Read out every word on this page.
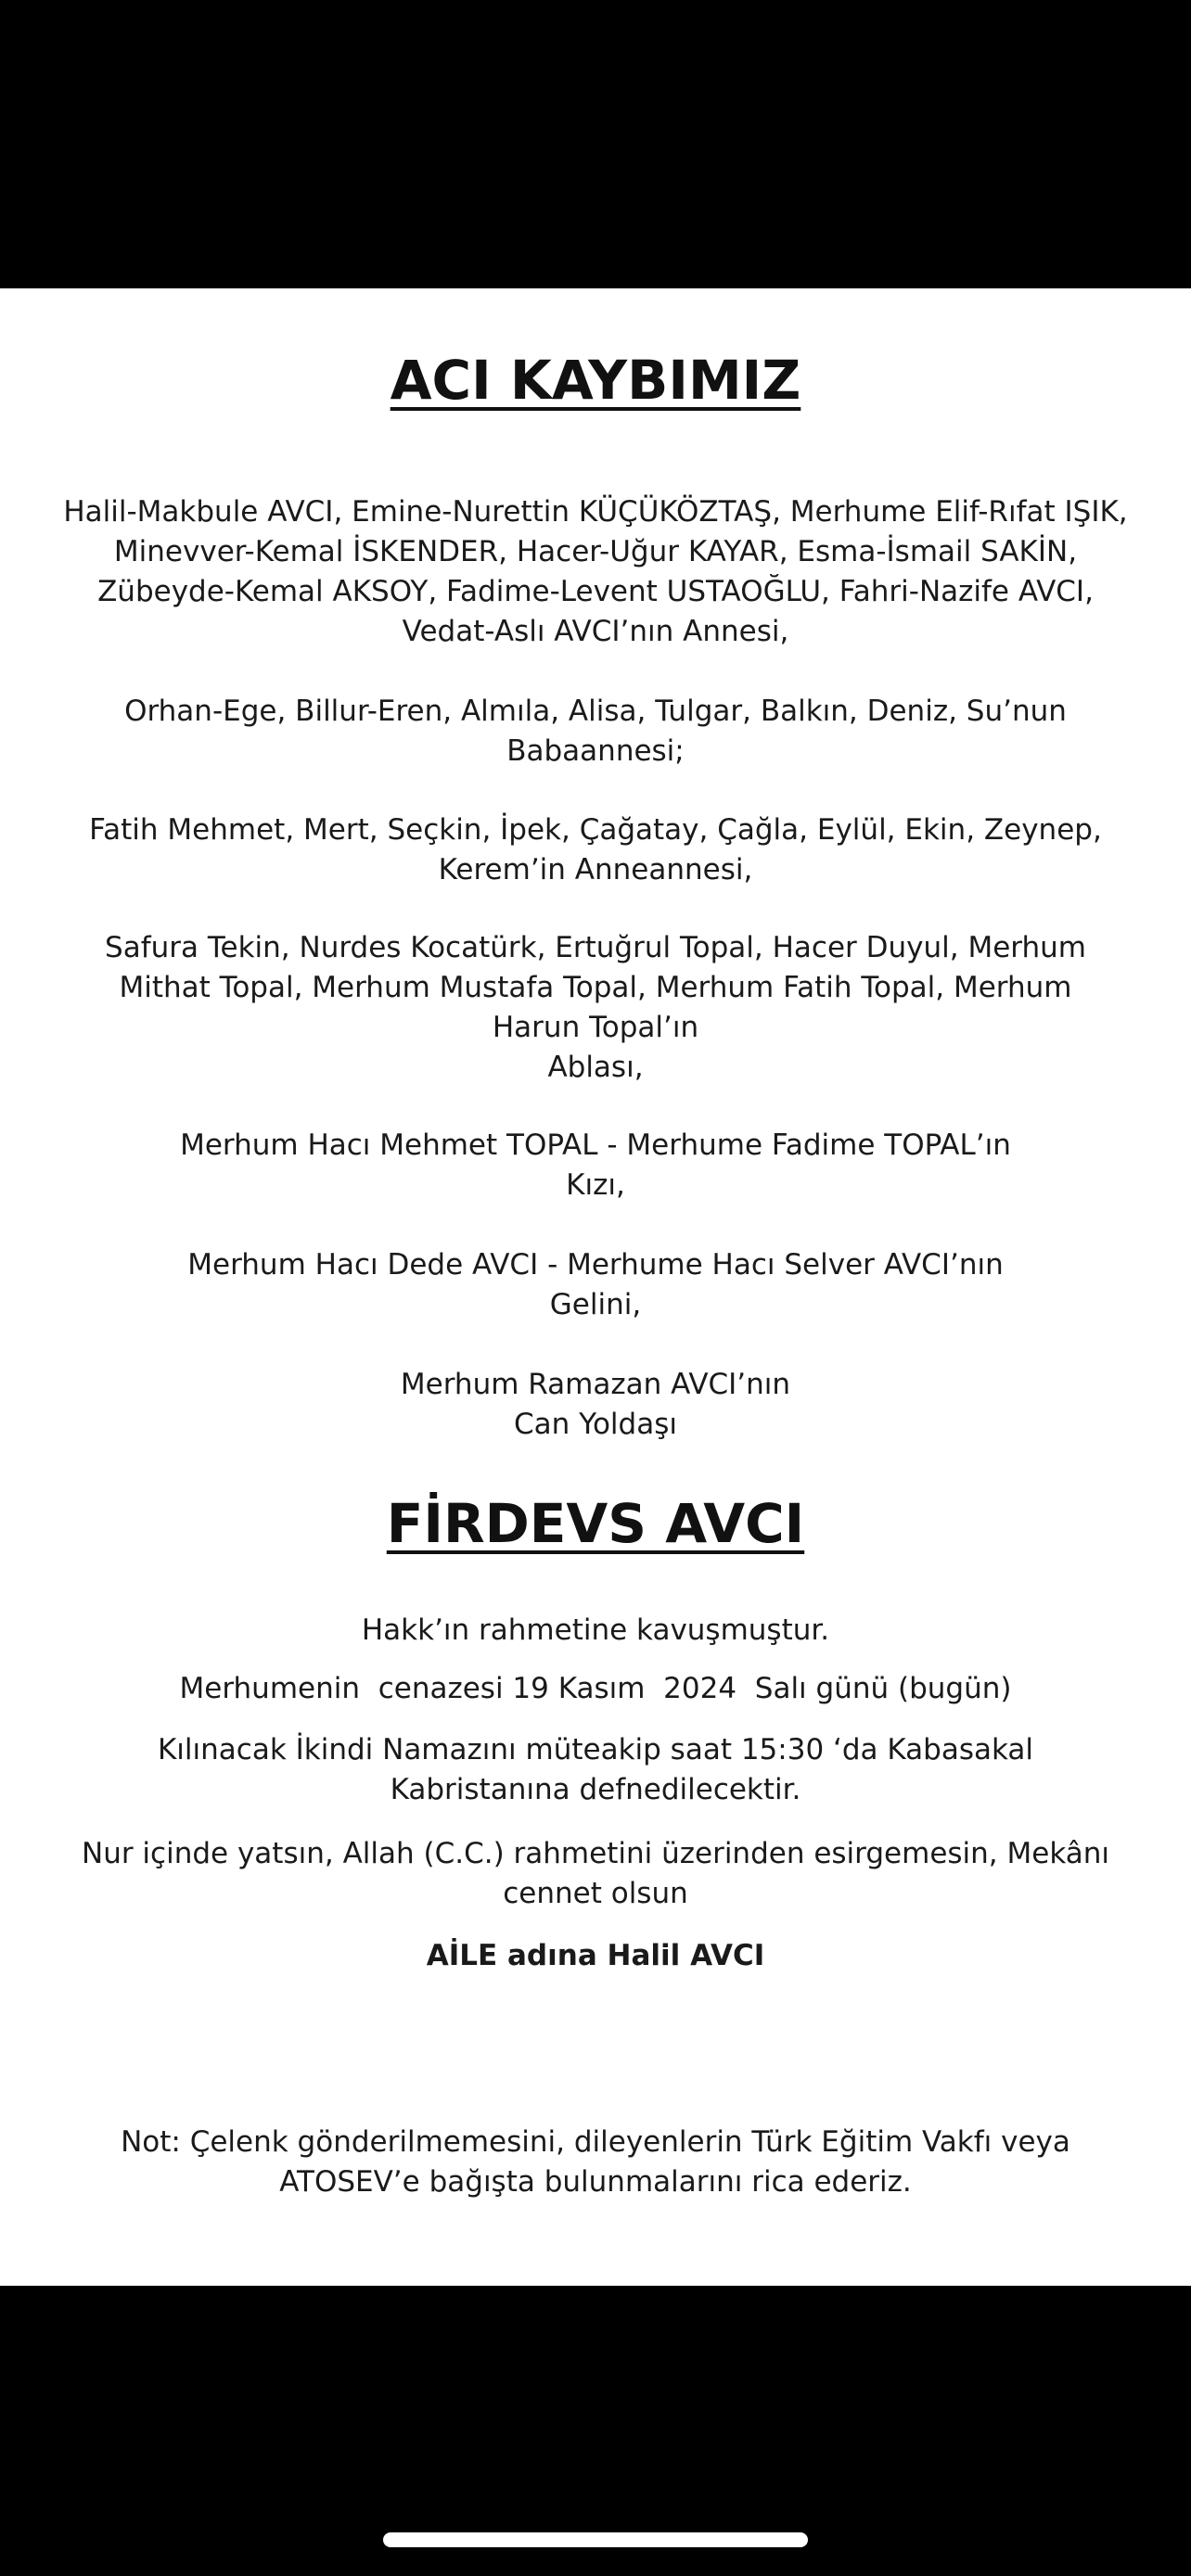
ACI KAYBIMIZ

Halil-Makbule AVCI, Emine-Nurettin KÜÇÜKÖZTAŞ, Merhume Elif-Rıfat IŞIK,
Minevver-Kemal İSKENDER, Hacer-Uğur KAYAR, Esma-İsmail SAKİN,
Zübeyde-Kemal AKSOY, Fadime-Levent USTAOĞLU, Fahri-Nazife AVCI,
Vedat-Aslı AVCI’nın Annesi,

Orhan-Ege, Billur-Eren, Almıla, Alisa, Tulgar, Balkın, Deniz, Su’nun
Babaannesi;

Fatih Mehmet, Mert, Seçkin, İpek, Çağatay, Çağla, Eylül, Ekin, Zeynep,
Kerem’in Anneannesi,

Safura Tekin, Nurdes Kocatürk, Ertuğrul Topal, Hacer Duyul, Merhum
Mithat Topal, Merhum Mustafa Topal, Merhum Fatih Topal, Merhum
Harun Topal’ın
Ablası,

Merhum Hacı Mehmet TOPAL - Merhume Fadime TOPAL’ın
Kızı,

Merhum Hacı Dede AVCI - Merhume Hacı Selver AVCI’nın
Gelini,

Merhum Ramazan AVCI’nın
Can Yoldaşı

FİRDEVS AVCI

Hakk’ın rahmetine kavuşmuştur.

Merhumenin  cenazesi 19 Kasım  2024  Salı günü (bugün)

Kılınacak İkindi Namazını müteakip saat 15:30 ‘da Kabasakal
Kabristanına defnedilecektir.

Nur içinde yatsın, Allah (C.C.) rahmetini üzerinden esirgemesin, Mekânı
cennet olsun

AİLE adına Halil AVCI

Not: Çelenk gönderilmemesini, dileyenlerin Türk Eğitim Vakfı veya
ATOSEV’e bağışta bulunmalarını rica ederiz.
